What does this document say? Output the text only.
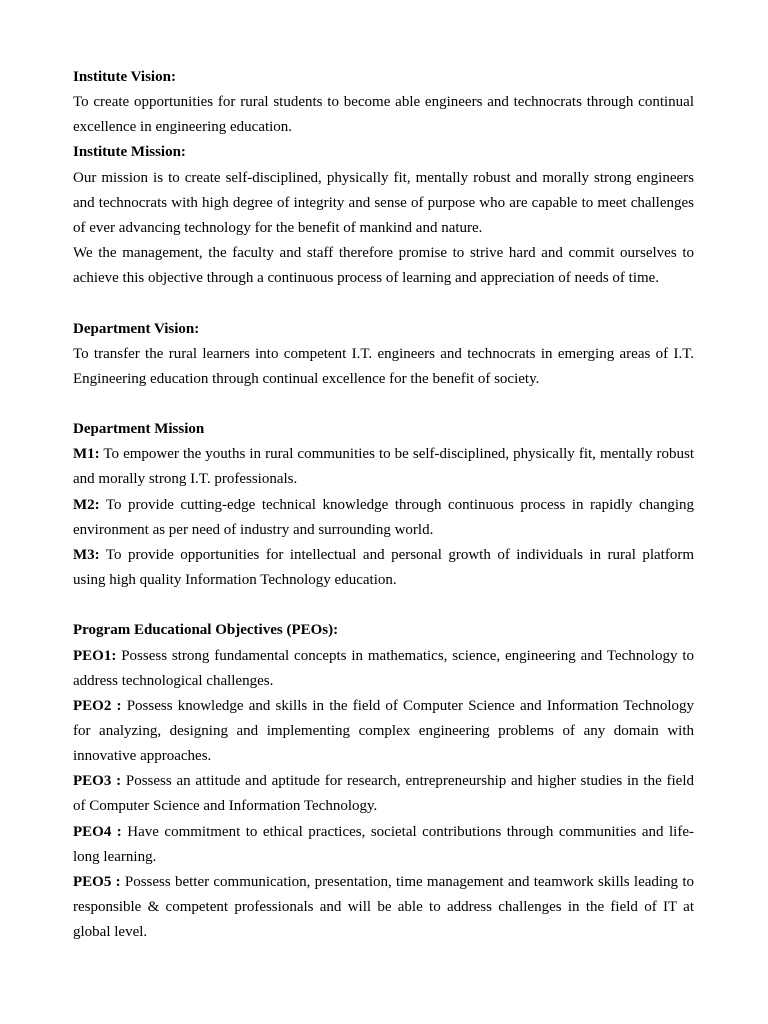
Institute Vision:

To create opportunities for rural students to become able engineers and technocrats through continual excellence in engineering education.

Institute Mission:

Our mission is to create self-disciplined, physically fit, mentally robust and morally strong engineers and technocrats with high degree of integrity and sense of purpose who are capable to meet challenges of ever advancing technology for the benefit of mankind and nature.

We the management, the faculty and staff therefore promise to strive hard and commit ourselves to achieve this objective through a continuous process of learning and appreciation of needs of time.

Department Vision:

To transfer the rural learners into competent I.T. engineers and technocrats in emerging areas of I.T. Engineering education through continual excellence for the benefit of society.

Department Mission

M1: To empower the youths in rural communities to be self-disciplined, physically fit, mentally robust and morally strong I.T. professionals.

M2: To provide cutting-edge technical knowledge through continuous process in rapidly changing environment as per need of industry and surrounding world.

M3: To provide opportunities for intellectual and personal growth of individuals in rural platform using high quality Information Technology education.

Program Educational Objectives (PEOs):

PEO1: Possess strong fundamental concepts in mathematics, science, engineering and Technology to address technological challenges.

PEO2 : Possess knowledge and skills in the field of Computer Science and Information Technology for analyzing, designing and implementing complex engineering problems of any domain with innovative approaches.

PEO3 : Possess an attitude and aptitude for research, entrepreneurship and higher studies in the field of Computer Science and Information Technology.

PEO4 : Have commitment to ethical practices, societal contributions through communities and life-long learning.

PEO5 : Possess better communication, presentation, time management and teamwork skills leading to responsible & competent professionals and will be able to address challenges in the field of IT at global level.
